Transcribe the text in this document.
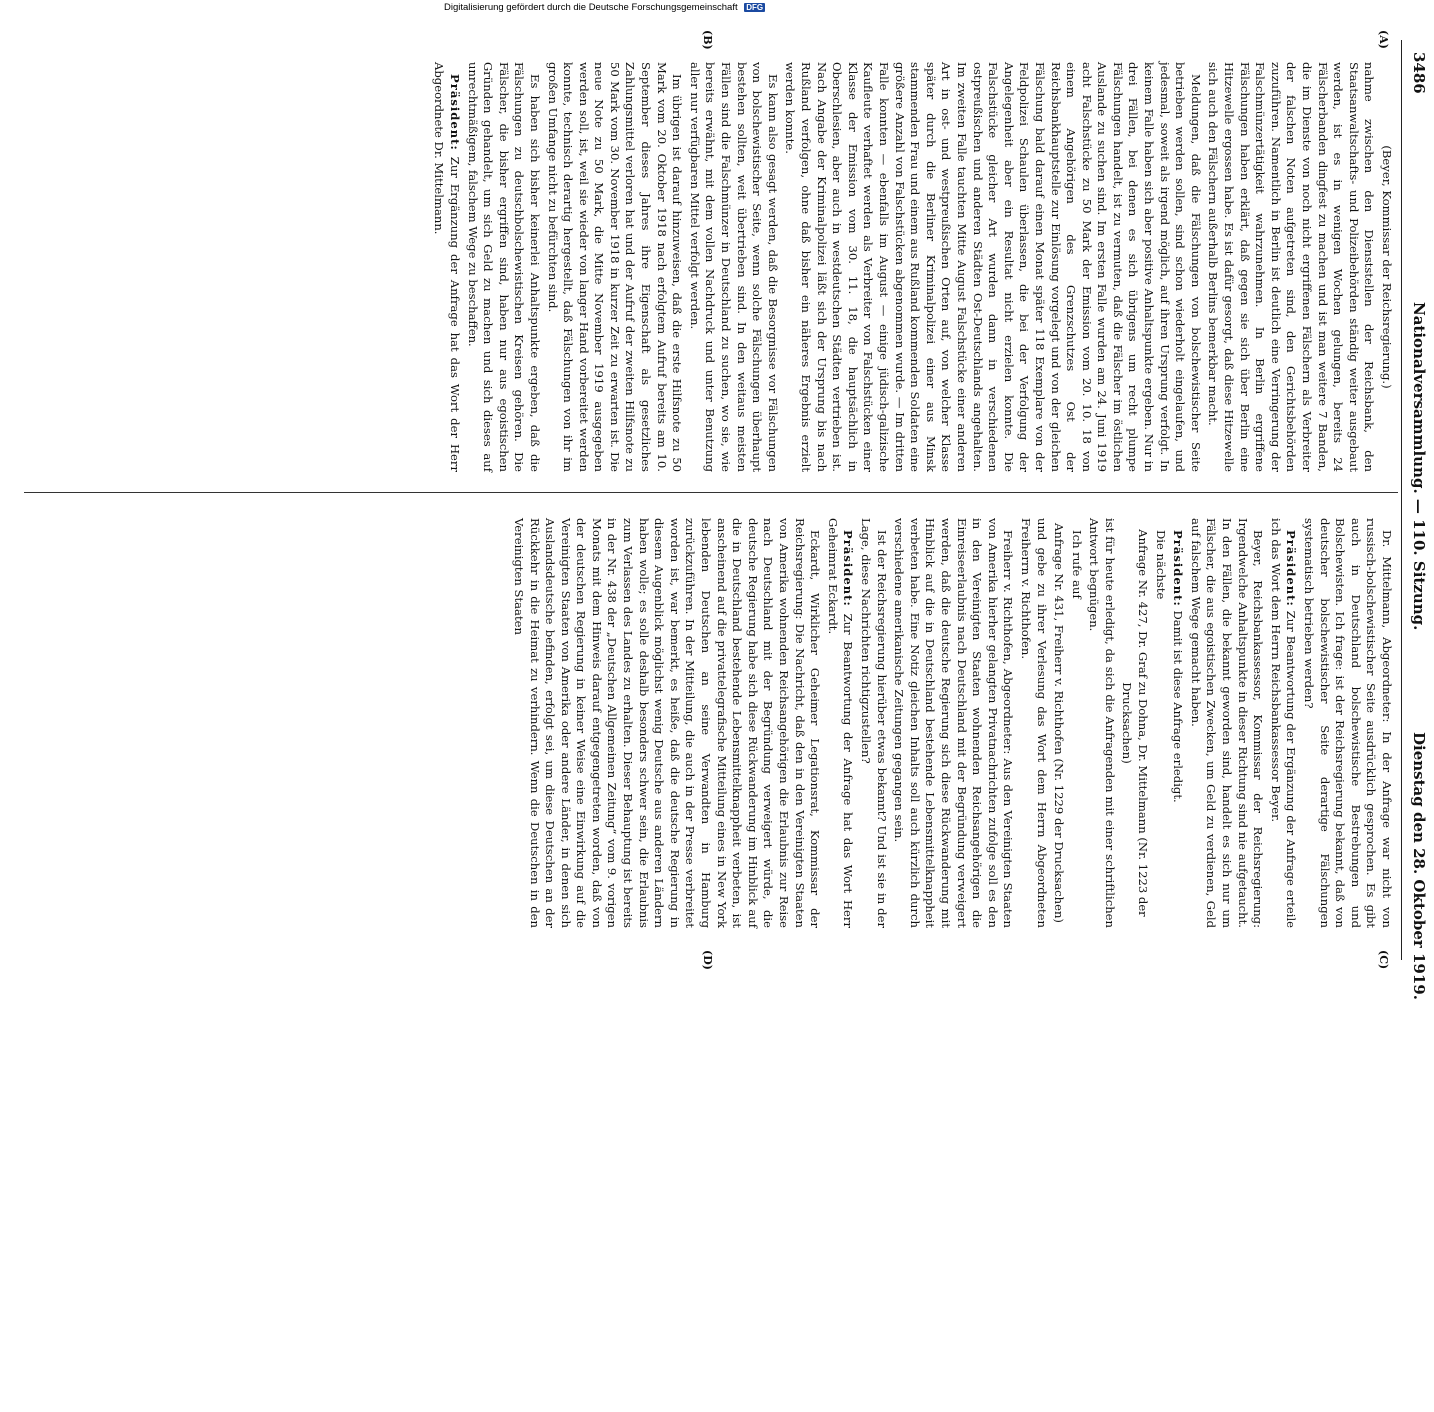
Digitalisierung gefördert durch die Deutsche Forschungsgemeinschaft DFG
3486
Nationalversammlung. — 110. Sitzung.
Dienstag den 28. Oktober 1919.
(A)
(B)
(C)
(D)

(Beyer, Kommissar der Reichsregierung.)

nahme zwischen den Dienststellen der Reichsbank, den Staatsanwaltschafts- und Polizeibehörden ständig weiter ausgebaut werden, ist es in wenigen Wochen gelungen, bereits 24 Fälscherbanden dingfest zu machen und ist man weitere 7 Banden, die im Dienste von noch nicht ergriffenen Fälschern als Verbreiter der falschen Noten aufgetreten sind, den Gerichtsbehörden zuzuführen. Namentlich in Berlin ist deutlich eine Verringerung der Falschmünzertätigkeit wahrzunehmen. In Berlin ergriffene Fälschungen haben erklärt, daß gegen sie sich über Berlin eine Hitzewelle ergossen habe. Es ist dafür gesorgt, daß diese Hitzewelle sich auch den Fälschern außerhalb Berlins bemerkbar macht.

Meldungen, daß die Fälschungen von bolschewistischer Seite betrieben werden sollen, sind schon wiederholt eingelaufen, und jedesmal, soweit als irgend möglich, auf ihren Ursprung verfolgt. In keinem Falle haben sich aber positive Anhaltspunkte ergeben. Nur in drei Fällen, bei denen es sich übrigens um recht plumpe Fälschungen handelt, ist zu vermuten, daß die Fälscher im östlichen Auslande zu suchen sind. Im ersten Falle wurden am 24. Juni 1919 acht Falschstücke zu 50 Mark der Emission vom 20. 10. 18 von einem Angehörigen des Grenzschutzes Ost der Reichsbankhauptstelle zur Einlösung vorgelegt und von der gleichen Fälschung bald darauf einen Monat später 118 Exemplare von der Feldpolizei Schaulen überlassen, die bei der Verfolgung der Angelegenheit aber ein Resultat nicht erzielen konnte. Die Falschstücke gleicher Art wurden dann in verschiedenen ostpreußischen und anderen Städten Ost-Deutschlands angehalten. Im zweiten Falle tauchten Mitte August Falschstücke einer anderen Art in ost- und westpreußischen Orten auf, von welcher Klasse später durch die Berliner Kriminalpolizei einer aus Minsk stammenden Frau und einem aus Rußland kommenden Soldaten eine größere Anzahl von Falschstücken abgenommen wurde. — Im dritten Falle konnten — ebenfalls im August — einige jüdisch-galizische Kaufleute verhaftet werden als Verbreiter von Falschstücken einer Klasse der Emission vom 30. 11. 18, die hauptsächlich in Oberschlesien, aber auch in westdeutschen Städten vertrieben ist. Nach Angabe der Kriminalpolizei läßt sich der Ursprung bis nach Rußland verfolgen, ohne daß bisher ein näheres Ergebnis erzielt werden konnte.

Es kann also gesagt werden, daß die Besorgnisse vor Fälschungen von bolschewistischer Seite, wenn solche Fälschungen überhaupt bestehen sollten, weit übertrieben sind. In den weitaus meisten Fällen sind die Falschmünzer in Deutschland zu suchen, wo sie, wie bereits erwähnt, mit dem vollen Nachdruck und unter Benutzung aller nur verfügbaren Mittel verfolgt werden.

Im übrigen ist darauf hinzuweisen, daß die erste Hilfsnote zu 50 Mark vom 20. Oktober 1918 nach erfolgtem Aufruf bereits am 10. September dieses Jahres ihre Eigenschaft als gesetzliches Zahlungsmittel verloren hat und der Aufruf der zweiten Hilfsnote zu 50 Mark vom 30. November 1918 in kurzer Zeit zu erwarten ist. Die neue Note zu 50 Mark, die Mitte November 1919 ausgegeben werden soll, ist, weil sie wieder von langer Hand vorbereitet werden konnte, technisch derartig hergestellt, daß Fälschungen von ihr im großen Umfange nicht zu befürchten sind.

Es haben sich bisher keinerlei Anhaltspunkte ergeben, daß die Fälschungen zu deutschbolschewistischen Kreisen gehören. Die Fälscher, die bisher ergriffen sind, haben nur aus egoistischen Gründen gehandelt, um sich Geld zu machen und sich dieses auf unrechtmäßigem, falschem Wege zu beschaffen.

Präsident: Zur Ergänzung der Anfrage hat das Wort der Herr Abgeordnete Dr. Mittelmann.

Dr. Mittelmann, Abgeordneter: In der Anfrage war nicht von russisch-bolschewistischer Seite ausdrücklich gesprochen. Es gibt auch in Deutschland bolschewistische Bestrebungen und Bolschewisten. Ich frage: ist der Reichsregierung bekannt, daß von deutscher bolschewistischer Seite derartige Fälschungen systematisch betrieben werden?

Präsident: Zur Beantwortung der Ergänzung der Anfrage erteile ich das Wort dem Herrn Reichsbankassessor Beyer.

Beyer, Reichsbankassessor, Kommissar der Reichsregierung: Irgendwelche Anhaltspunkte in dieser Richtung sind nie aufgetaucht. In den Fällen, die bekannt geworden sind, handelt es sich nur um Fälscher, die aus egoistischen Zwecken, um Geld zu verdienen, Geld auf falschem Wege gemacht haben.

Präsident: Damit ist diese Anfrage erledigt.

Die nächste

Anfrage Nr. 427, Dr. Graf zu Dohna, Dr. Mittelmann (Nr. 1223 der Drucksachen)

ist für heute erledigt, da sich die Anfragenden mit einer schriftlichen Antwort begnügen.

Ich rufe auf

Anfrage Nr. 431, Freiherr v. Richthofen (Nr. 1229 der Drucksachen)

und gebe zu ihrer Verlesung das Wort dem Herrn Abgeordneten Freiherrn v. Richthofen.

Freiherr v. Richthofen, Abgeordneter: Aus den Vereinigten Staaten von Amerika hierher gelangten Privatnachrichten zufolge soll es den in den Vereinigten Staaten wohnenden Reichsangehörigen die Einreiseerlaubnis nach Deutschland mit der Begründung verweigert werden, daß die deutsche Regierung sich diese Rückwanderung mit Hinblick auf die in Deutschland bestehende Lebensmittelknappheit verbeten habe. Eine Notiz gleichen Inhalts soll auch kürzlich durch verschiedene amerikanische Zeitungen gegangen sein.

Ist der Reichsregierung hierüber etwas bekannt? Und ist sie in der Lage, diese Nachrichten richtigzustellen?

Präsident: Zur Beantwortung der Anfrage hat das Wort Herr Geheimrat Eckardt.

Eckardt, Wirklicher Geheimer Legationsrat, Kommissar der Reichsregierung: Die Nachricht, daß den in den Vereinigten Staaten von Amerika wohnenden Reichsangehörigen die Erlaubnis zur Reise nach Deutschland mit der Begründung verweigert würde, die deutsche Regierung habe sich diese Rückwanderung im Hinblick auf die in Deutschland bestehende Lebensmittelknappheit verbeten, ist anscheinend auf die privattelegrafische Mitteilung eines in New York lebenden Deutschen an seine Verwandten in Hamburg zurückzuführen. In der Mitteilung, die auch in der Presse verbreitet worden ist, war bemerkt, es heiße, daß die deutsche Regierung in diesem Augenblick möglichst wenig Deutsche aus anderen Ländern haben wolle; es solle deshalb besonders schwer sein, die Erlaubnis zum Verlassen des Landes zu erhalten. Dieser Behauptung ist bereits in der Nr. 438 der „Deutschen Allgemeinen Zeitung“ vom 9. vorigen Monats mit dem Hinweis darauf entgegengetreten worden, daß von der deutschen Regierung in keiner Weise eine Einwirkung auf die Vereinigten Staaten von Amerika oder andere Länder, in denen sich Auslandsdeutsche befinden, erfolgt sei, um diese Deutschen an der Rückkehr in die Heimat zu verhindern. Wenn die Deutschen in den Vereinigten Staaten
